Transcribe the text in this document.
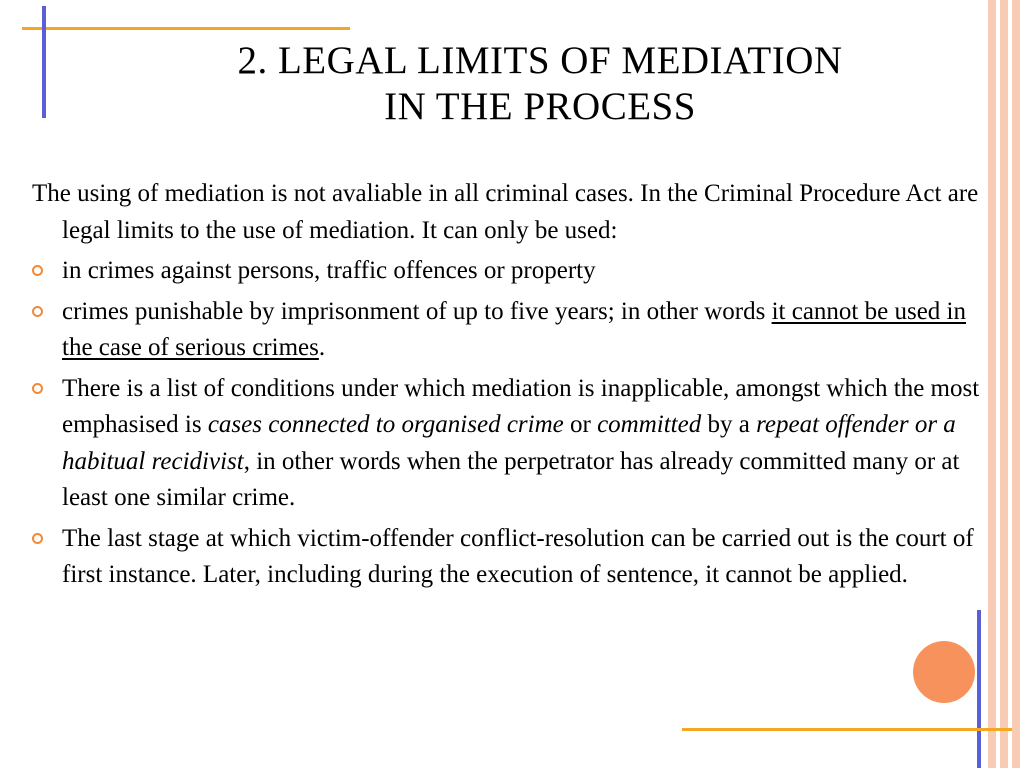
2. LEGAL LIMITS OF MEDIATION
IN THE PROCESS

The using of mediation is not avaliable in all criminal cases. In the Criminal Procedure Act are legal limits to the use of mediation. It can only be used:

in crimes against persons, traffic offences or property
crimes punishable by imprisonment of up to five years; in other words it cannot be used in the case of serious crimes.
There is a list of conditions under which mediation is inapplicable, amongst which the most emphasised is cases connected to organised crime or committed by a repeat offender or a habitual recidivist, in other words when the perpetrator has already committed many or at least one similar crime.
The last stage at which victim-offender conflict-resolution can be carried out is the court of first instance. Later, including during the execution of sentence, it cannot be applied.
